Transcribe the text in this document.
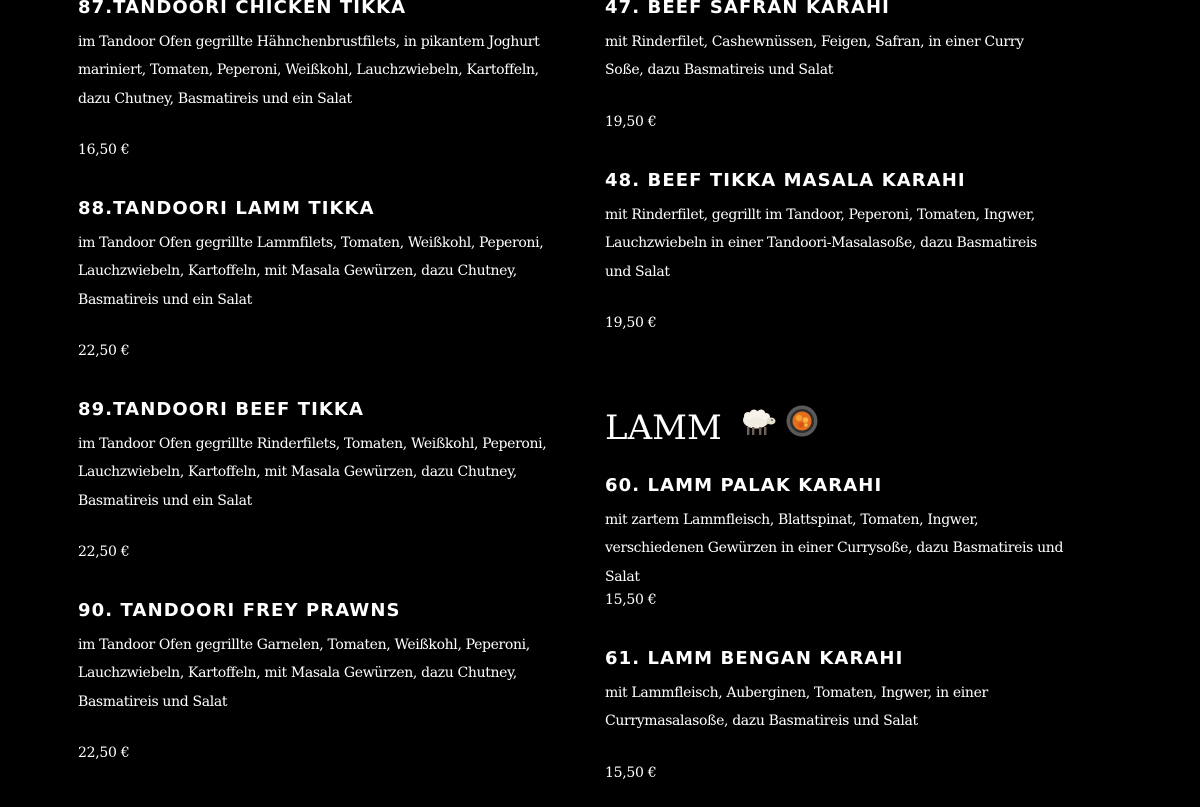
87.TANDOORI CHICKEN TIKKA

im Tandoor Ofen gegrillte Hähnchenbrustfilets, in pikantem Joghurt mariniert, Tomaten, Peperoni, Weißkohl, Lauchzwiebeln, Kartoffeln, dazu Chutney, Basmatireis und ein Salat

16,50 €

88.TANDOORI LAMM TIKKA

im Tandoor Ofen gegrillte Lammfilets, Tomaten, Weißkohl, Peperoni, Lauchzwiebeln, Kartoffeln, mit Masala Gewürzen, dazu Chutney, Basmatireis und ein Salat

22,50 €

89.TANDOORI BEEF TIKKA

im Tandoor Ofen gegrillte Rinderfilets, Tomaten, Weißkohl, Peperoni, Lauchzwiebeln, Kartoffeln, mit Masala Gewürzen, dazu Chutney, Basmatireis und ein Salat

22,50 €

90. TANDOORI FREY PRAWNS

im Tandoor Ofen gegrillte Garnelen, Tomaten, Weißkohl, Peperoni, Lauchzwiebeln, Kartoffeln, mit Masala Gewürzen, dazu Chutney, Basmatireis und Salat

22,50 €

47. BEEF SAFRAN KARAHI

mit Rinderfilet, Cashewnüssen, Feigen, Safran, in einer Curry Soße, dazu Basmatireis und Salat

19,50 €

48. BEEF TIKKA MASALA KARAHI

mit Rinderfilet, gegrillt im Tandoor, Peperoni, Tomaten, Ingwer, Lauchzwiebeln in einer Tandoori-Masalasoße, dazu Basmatireis und Salat

19,50 €

LAMM
60. LAMM PALAK KARAHI

mit zartem Lammfleisch, Blattspinat, Tomaten, Ingwer, verschiedenen Gewürzen in einer Currysoße, dazu Basmatireis und Salat

15,50 €

61. LAMM BENGAN KARAHI

mit Lammfleisch, Auberginen, Tomaten, Ingwer, in einer Currymasalasoße, dazu Basmatireis und Salat

15,50 €
